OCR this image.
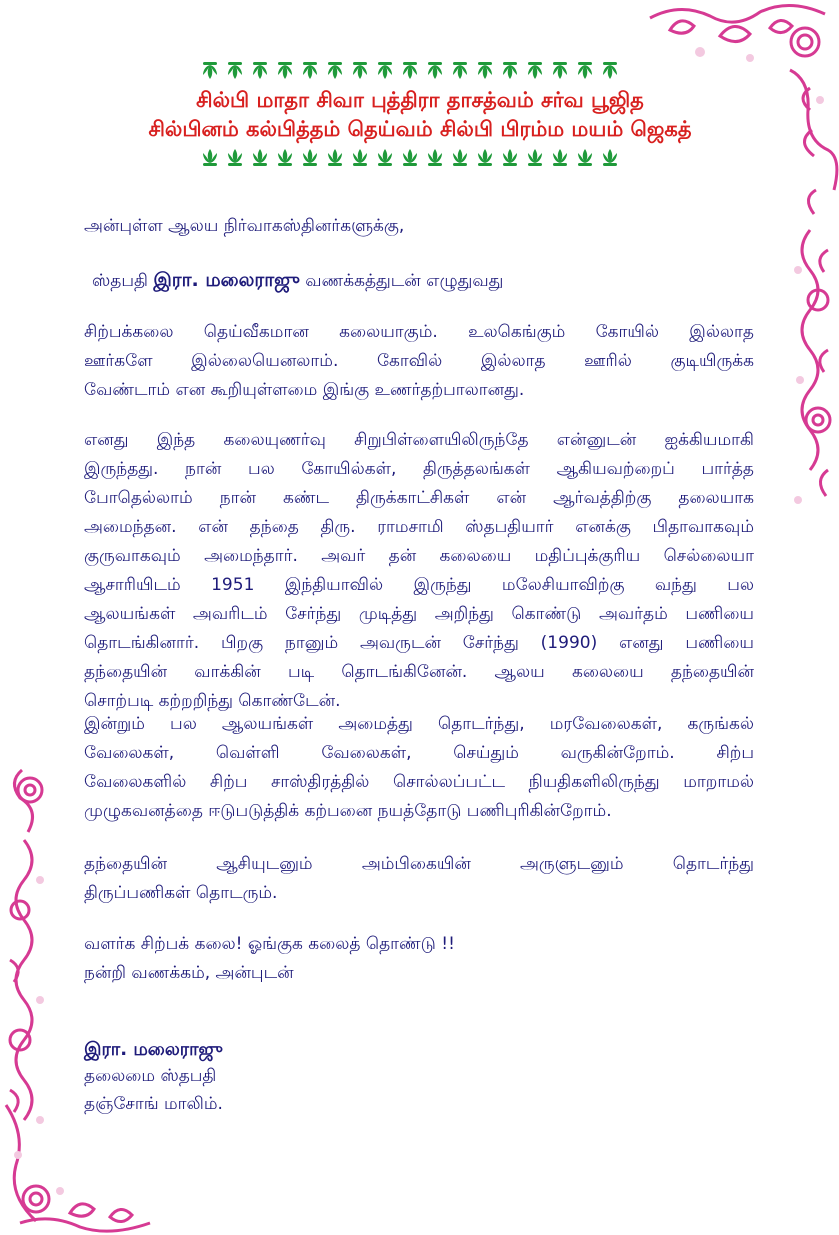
சில்பி மாதா சிவா புத்திரா தாசத்வம் சர்வ பூஜித
சில்பினம் கல்பித்தம் தெய்வம் சில்பி பிரம்ம மயம் ஜெகத்
அன்புள்ள ஆலய நிர்வாகஸ்தினர்களுக்கு,
ஸ்தபதி இரா. மலைராஜு வணக்கத்துடன் எழுதுவது
சிற்பக்கலை தெய்வீகமான கலையாகும். உலகெங்கும் கோயில் இல்லாத
ஊர்களே இல்லையெனலாம். கோவில் இல்லாத ஊரில் குடியிருக்க
வேண்டாம் என கூறியுள்ளமை இங்கு உணர்தற்பாலானது.
எனது இந்த கலையுணர்வு சிறுபிள்ளையிலிருந்தே என்னுடன் ஐக்கியமாகி
இருந்தது. நான் பல கோயில்கள், திருத்தலங்கள் ஆகியவற்றைப் பார்த்த
போதெல்லாம் நான் கண்ட திருக்காட்சிகள் என் ஆர்வத்திற்கு தலையாக
அமைந்தன. என் தந்தை திரு. ராமசாமி ஸ்தபதியார் எனக்கு பிதாவாகவும்
குருவாகவும் அமைந்தார். அவர் தன் கலையை மதிப்புக்குரிய செல்லையா
ஆசாரியிடம் 1951 இந்தியாவில் இருந்து மலேசியாவிற்கு வந்து பல
ஆலயங்கள் அவரிடம் சேர்ந்து முடித்து அறிந்து கொண்டு அவர்தம் பணியை
தொடங்கினார். பிறகு நானும் அவருடன் சேர்ந்து (1990) எனது பணியை
தந்தையின் வாக்கின் படி தொடங்கினேன். ஆலய கலையை தந்தையின்
சொற்படி கற்றறிந்து கொண்டேன்.
இன்றும் பல ஆலயங்கள் அமைத்து தொடர்ந்து, மரவேலைகள், கருங்கல்
வேலைகள், வெள்ளி வேலைகள், செய்தும் வருகின்றோம். சிற்ப
வேலைகளில் சிற்ப சாஸ்திரத்தில் சொல்லப்பட்ட நியதிகளிலிருந்து மாறாமல்
முழுகவனத்தை ஈடுபடுத்திக் கற்பனை நயத்தோடு பணிபுரிகின்றோம்.
தந்தையின் ஆசியுடனும் அம்பிகையின் அருளுடனும் தொடர்ந்து
திருப்பணிகள் தொடரும்.
வளர்க சிற்பக் கலை! ஓங்குக கலைத் தொண்டு !!
நன்றி வணக்கம், அன்புடன்
இரா. மலைராஜு
தலைமை ஸ்தபதி
தஞ்சோங் மாலிம்.
